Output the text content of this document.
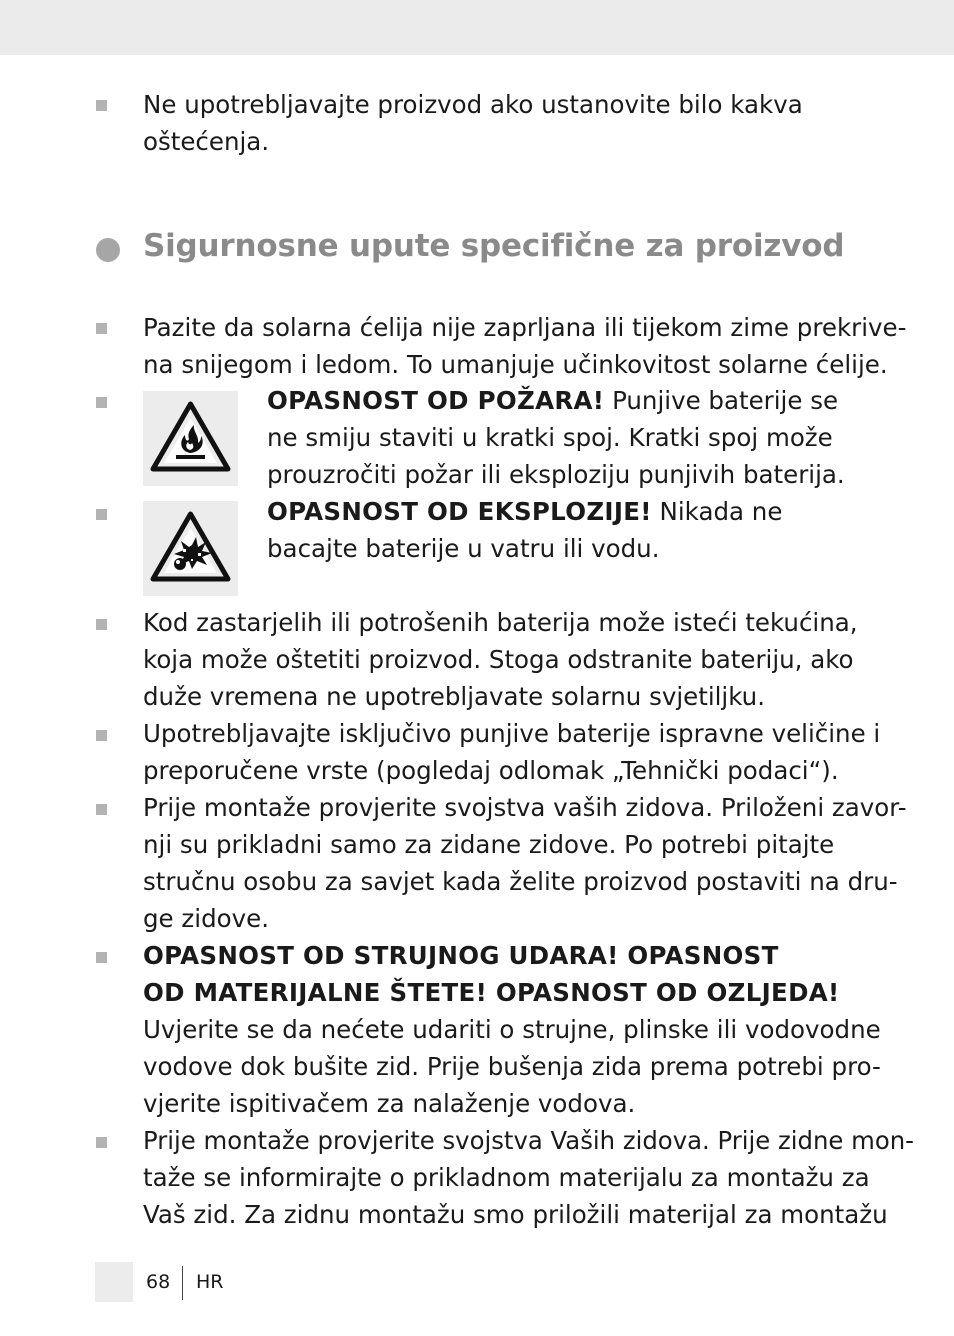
Ne upotrebljavajte proizvod ako ustanovite bilo kakva
oštećenja.
Sigurnosne upute specifične za proizvod
Pazite da solarna ćelija nije zaprljana ili tijekom zime prekrive-
na snijegom i ledom. To umanjuje učinkovitost solarne ćelije.
OPASNOST OD POŽARA! Punjive baterije se
ne smiju staviti u kratki spoj. Kratki spoj može
prouzročiti požar ili eksploziju punjivih baterija.
OPASNOST OD EKSPLOZIJE! Nikada ne
bacajte baterije u vatru ili vodu.
Kod zastarjelih ili potrošenih baterija može isteći tekućina,
koja može oštetiti proizvod. Stoga odstranite bateriju, ako
duže vremena ne upotrebljavate solarnu svjetiljku.
Upotrebljavajte isključivo punjive baterije ispravne veličine i
preporučene vrste (pogledaj odlomak „Tehnički podaci“).
Prije montaže provjerite svojstva vaših zidova. Priloženi zavor-
nji su prikladni samo za zidane zidove. Po potrebi pitajte
stručnu osobu za savjet kada želite proizvod postaviti na dru-
ge zidove.
OPASNOST OD STRUJNOG UDARA! OPASNOST
OD MATERIJALNE ŠTETE! OPASNOST OD OZLJEDA!
Uvjerite se da nećete udariti o strujne, plinske ili vodovodne
vodove dok bušite zid. Prije bušenja zida prema potrebi pro-
vjerite ispitivačem za nalaženje vodova.
Prije montaže provjerite svojstva Vaših zidova. Prije zidne mon-
taže se informirajte o prikladnom materijalu za montažu za
Vaš zid. Za zidnu montažu smo priložili materijal za montažu
68 HR
